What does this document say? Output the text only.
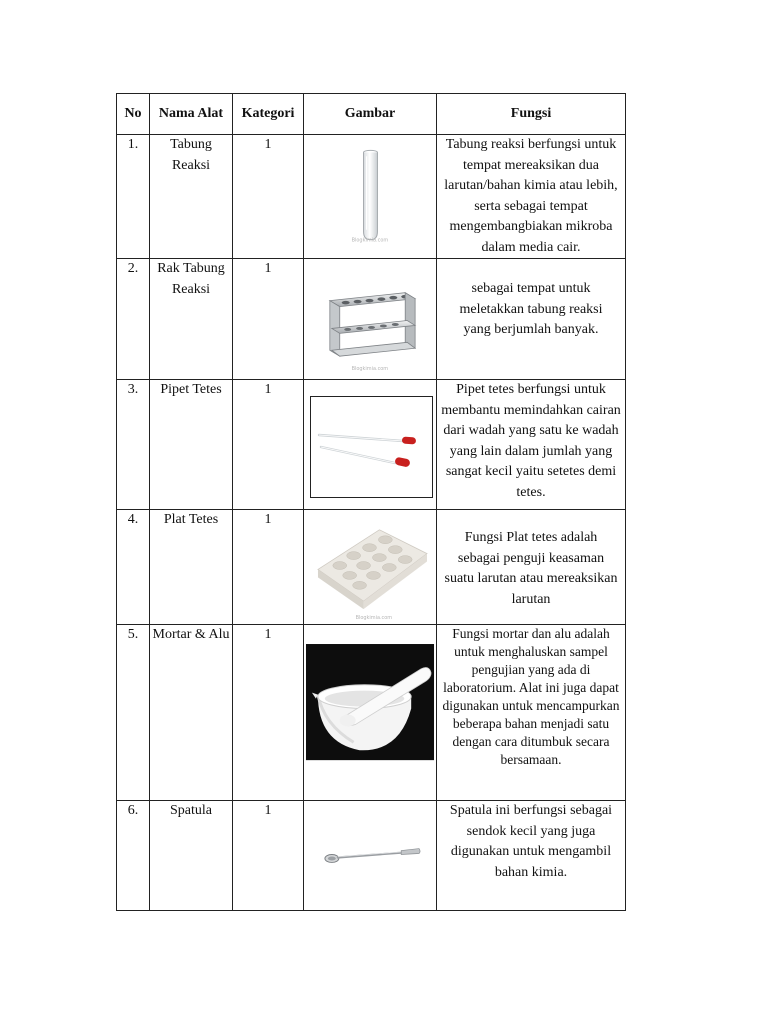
No	Nama Alat	Kategori	Gambar	Fungsi
1.	Tabung Reaksi	1	Blogkimia.com	Tabung reaksi berfungsi untuk tempat mereaksikan dua larutan/bahan kimia atau lebih, serta sebagai tempat mengembangbiakan mikroba dalam media cair.
2.	Rak Tabung Reaksi	1	Blogkimia.com	sebagai tempat untuk meletakkan tabung reaksi yang berjumlah banyak.

3.	Pipet Tetes	1		Pipet tetes berfungsi untuk membantu memindahkan cairan dari wadah yang satu ke wadah yang lain dalam jumlah yang sangat kecil yaitu setetes demi tetes.
4.	Plat Tetes	1	Blogkimia.com	Fungsi Plat tetes adalah sebagai penguji keasaman suatu larutan atau mereaksikan larutan

5.	Mortar & Alu	1		Fungsi mortar dan alu adalah untuk menghaluskan sampel pengujian yang ada di laboratorium. Alat ini juga dapat digunakan untuk mencampurkan beberapa bahan menjadi satu dengan cara ditumbuk secara bersamaan.
6.	Spatula	1		Spatula ini berfungsi sebagai sendok kecil yang juga digunakan untuk mengambil bahan kimia.
